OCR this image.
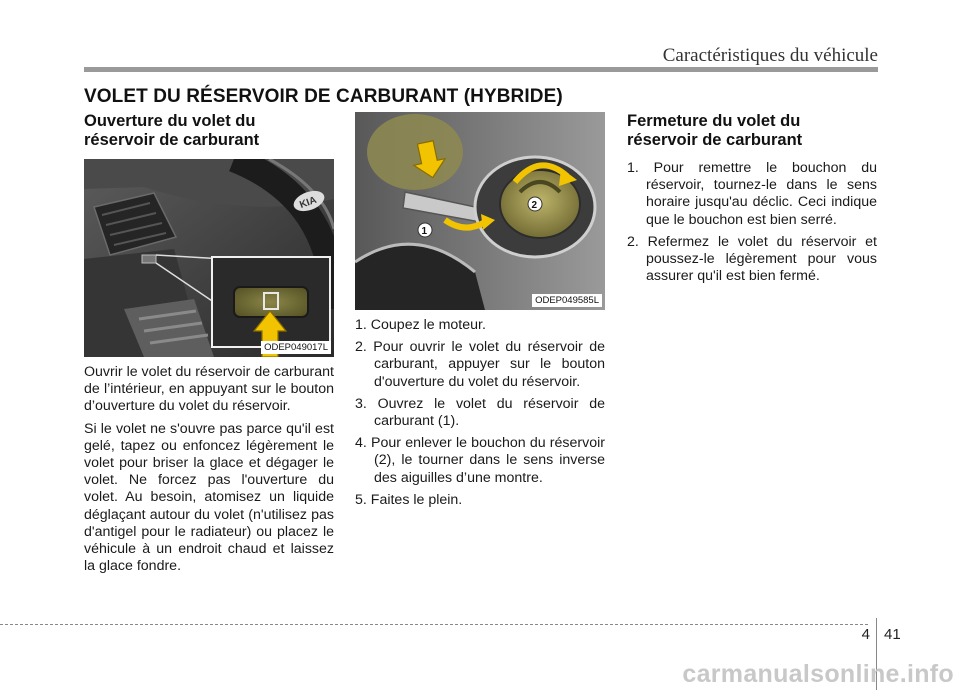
Caractéristiques du véhicule
VOLET DU RÉSERVOIR DE CARBURANT (HYBRIDE)
Ouverture du volet du
réservoir de carburant
KIA
ODEP049017L

Ouvrir le volet du réservoir de carburant de l’intérieur, en appuyant sur le bouton d’ouverture du volet du réservoir.

Si le volet ne s'ouvre pas parce qu'il est gelé, tapez ou enfoncez légèrement le volet pour briser la glace et dégager le volet. Ne forcez pas l'ouverture du volet. Au besoin, atomisez un liquide déglaçant autour du volet (n'utilisez pas d'antigel pour le radiateur) ou placez le véhicule à un endroit chaud et laissez la glace fondre.

1
2
ODEP049585L
1. Coupez le moteur.
2. Pour ouvrir le volet du réservoir de carburant, appuyer sur le bouton d'ouverture du volet du réservoir.
3. Ouvrez le volet du réservoir de carburant (1).
4. Pour enlever le bouchon du réservoir (2), le tourner dans le sens inverse des aiguilles d’une montre.
5. Faites le plein.
Fermeture du volet du
réservoir de carburant
1. Pour remettre le bouchon du réservoir, tournez-le dans le sens horaire jusqu'au déclic. Ceci indique que le bouchon est bien serré.
2. Refermez le volet du réservoir et poussez-le légèrement pour vous assurer qu'il est bien fermé.
4 41
carmanualsonline.info
